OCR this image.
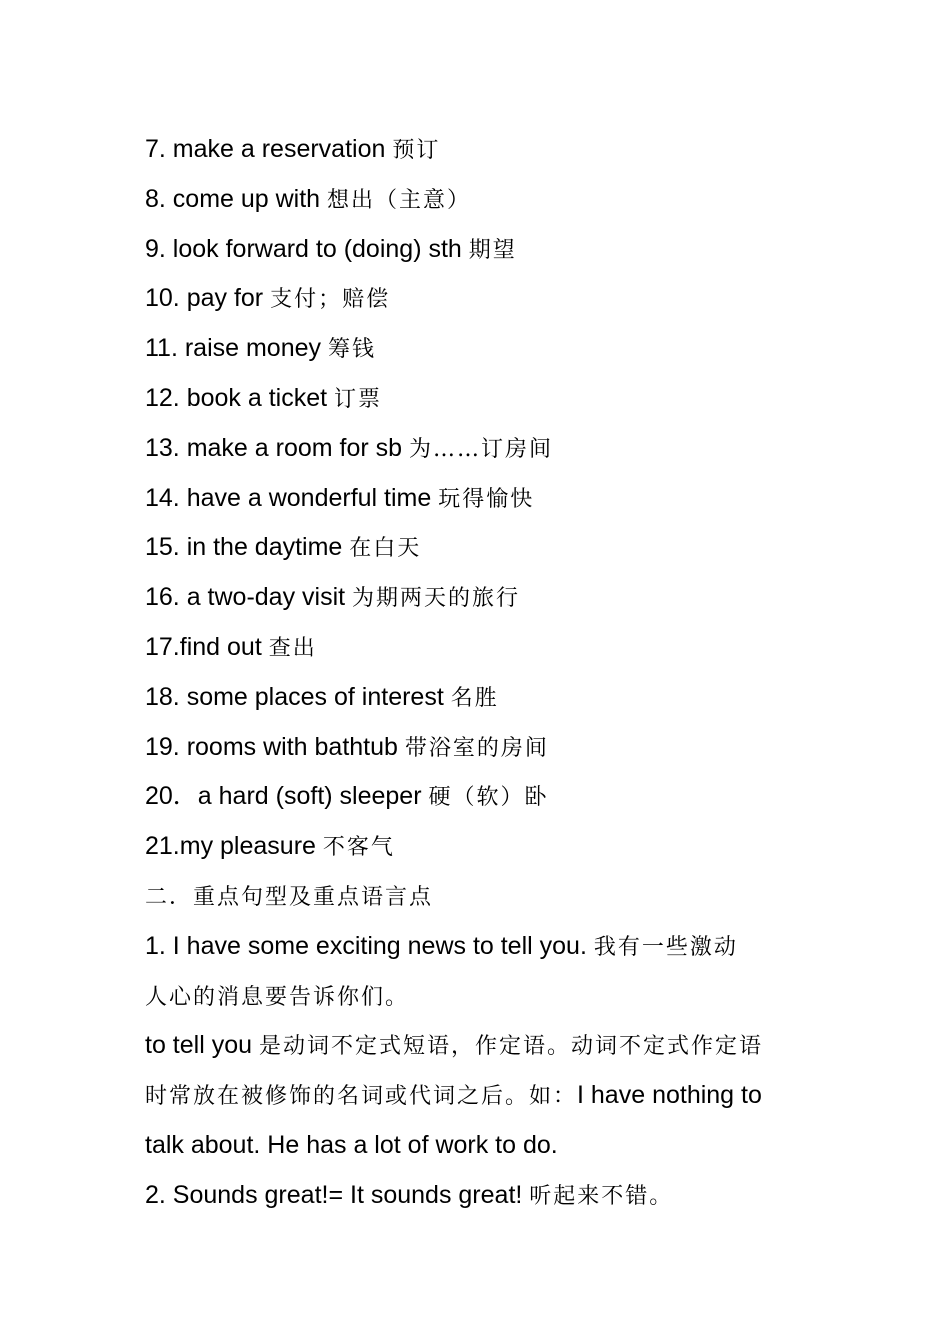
7. make a reservation 预订
8. come up with 想出（主意）
9. look forward to (doing) sth 期望
10. pay for 支付；赔偿
11. raise money 筹钱
12. book a ticket 订票
13. make a room for sb 为……订房间
14. have a wonderful time 玩得愉快
15. in the daytime 在白天
16. a two-day visit 为期两天的旅行
17.find out 查出
18. some places of interest 名胜
19. rooms with bathtub 带浴室的房间
20．a hard (soft) sleeper 硬（软）卧
21.my pleasure 不客气
二．重点句型及重点语言点
1. I have some exciting news to tell you. 我有一些激动
人心的消息要告诉你们。
to tell you 是动词不定式短语，作定语。动词不定式作定语
时常放在被修饰的名词或代词之后。如：I have nothing to
talk about. He has a lot of work to do.
2. Sounds great!= It sounds great! 听起来不错。
